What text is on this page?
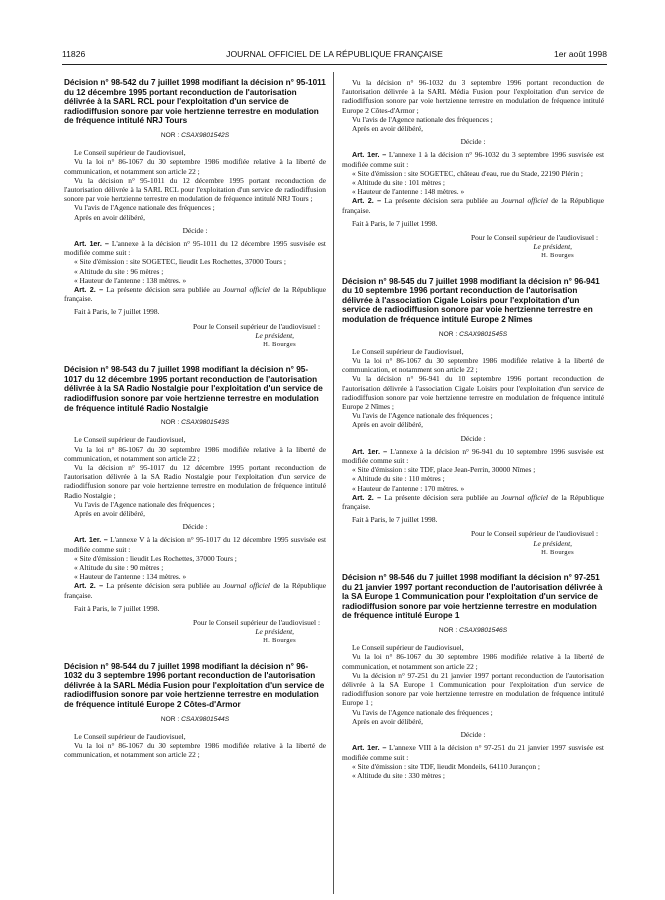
11826	JOURNAL OFFICIEL DE LA RÉPUBLIQUE FRANÇAISE	1er août 1998
Décision n° 98-542 du 7 juillet 1998 modifiant la décision n° 95-1011 du 12 décembre 1995 portant reconduction de l'autorisation délivrée à la SARL RCL pour l'exploitation d'un service de radiodiffusion sonore par voie hertzienne terrestre en modulation de fréquence intitulé NRJ Tours
NOR : CSAX9801542S

Le Conseil supérieur de l'audiovisuel,

Vu la loi n° 86-1067 du 30 septembre 1986 modifiée relative à la liberté de communication, et notamment son article 22 ;

Vu la décision n° 95-1011 du 12 décembre 1995 portant reconduction de l'autorisation délivrée à la SARL RCL pour l'exploitation d'un service de radiodiffusion sonore par voie hertzienne terrestre en modulation de fréquence intitulé NRJ Tours ;

Vu l'avis de l'Agence nationale des fréquences ;

Après en avoir délibéré,

Décide :

Art. 1er. – L'annexe à la décision n° 95-1011 du 12 décembre 1995 susvisée est modifiée comme suit :

« Site d'émission : site SOGETEC, lieudit Les Rochettes, 37000 Tours ;

« Altitude du site : 96 mètres ;

« Hauteur de l'antenne : 138 mètres. »

Art. 2. – La présente décision sera publiée au Journal officiel de la République française.

Fait à Paris, le 7 juillet 1998.

Pour le Conseil supérieur de l'audiovisuel :
Le président,
H. Bourges
Décision n° 98-543 du 7 juillet 1998 modifiant la décision n° 95-1017 du 12 décembre 1995 portant reconduction de l'autorisation délivrée à la SA Radio Nostalgie pour l'exploitation d'un service de radiodiffusion sonore par voie hertzienne terrestre en modulation de fréquence intitulé Radio Nostalgie
NOR : CSAX9801543S

Le Conseil supérieur de l'audiovisuel,

Vu la loi n° 86-1067 du 30 septembre 1986 modifiée relative à la liberté de communication, et notamment son article 22 ;

Vu la décision n° 95-1017 du 12 décembre 1995 portant reconduction de l'autorisation délivrée à la SA Radio Nostalgie pour l'exploitation d'un service de radiodiffusion sonore par voie hertzienne terrestre en modulation de fréquence intitulé Radio Nostalgie ;

Vu l'avis de l'Agence nationale des fréquences ;

Après en avoir délibéré,

Décide :

Art. 1er. – L'annexe V à la décision n° 95-1017 du 12 décembre 1995 susvisée est modifiée comme suit :

« Site d'émission : lieudit Les Rochettes, 37000 Tours ;

« Altitude du site : 90 mètres ;

« Hauteur de l'antenne : 134 mètres. »

Art. 2. – La présente décision sera publiée au Journal officiel de la République française.

Fait à Paris, le 7 juillet 1998.

Pour le Conseil supérieur de l'audiovisuel :
Le président,
H. Bourges
Décision n° 98-544 du 7 juillet 1998 modifiant la décision n° 96-1032 du 3 septembre 1996 portant reconduction de l'autorisation délivrée à la SARL Média Fusion pour l'exploitation d'un service de radiodiffusion sonore par voie hertzienne terrestre en modulation de fréquence intitulé Europe 2 Côtes-d'Armor
NOR : CSAX9801544S

Le Conseil supérieur de l'audiovisuel,

Vu la loi n° 86-1067 du 30 septembre 1986 modifiée relative à la liberté de communication, et notamment son article 22 ;

Vu la décision n° 96-1032 du 3 septembre 1996 portant reconduction de l'autorisation délivrée à la SARL Média Fusion pour l'exploitation d'un service de radiodiffusion sonore par voie hertzienne terrestre en modulation de fréquence intitulé Europe 2 Côtes-d'Armor ;

Vu l'avis de l'Agence nationale des fréquences ;

Après en avoir délibéré,

Décide :

Art. 1er. – L'annexe 1 à la décision n° 96-1032 du 3 septembre 1996 susvisée est modifiée comme suit :

« Site d'émission : site SOGETEC, château d'eau, rue du Stade, 22190 Plérin ;

« Altitude du site : 101 mètres ;

« Hauteur de l'antenne : 148 mètres. »

Art. 2. – La présente décision sera publiée au Journal officiel de la République française.

Fait à Paris, le 7 juillet 1998.

Pour le Conseil supérieur de l'audiovisuel :
Le président,
H. Bourges
Décision n° 98-545 du 7 juillet 1998 modifiant la décision n° 96-941 du 10 septembre 1996 portant reconduction de l'autorisation délivrée à l'association Cigale Loisirs pour l'exploitation d'un service de radiodiffusion sonore par voie hertzienne terrestre en modulation de fréquence intitulé Europe 2 Nîmes
NOR : CSAX9801545S

Le Conseil supérieur de l'audiovisuel,

Vu la loi n° 86-1067 du 30 septembre 1986 modifiée relative à la liberté de communication, et notamment son article 22 ;

Vu la décision n° 96-941 du 10 septembre 1996 portant reconduction de l'autorisation délivrée à l'association Cigale Loisirs pour l'exploitation d'un service de radiodiffusion sonore par voie hertzienne terrestre en modulation de fréquence intitulé Europe 2 Nîmes ;

Vu l'avis de l'Agence nationale des fréquences ;

Après en avoir délibéré,

Décide :

Art. 1er. – L'annexe à la décision n° 96-941 du 10 septembre 1996 susvisée est modifiée comme suit :

« Site d'émission : site TDF, place Jean-Perrin, 30000 Nîmes ;

« Altitude du site : 110 mètres ;

« Hauteur de l'antenne : 170 mètres. »

Art. 2. – La présente décision sera publiée au Journal officiel de la République française.

Fait à Paris, le 7 juillet 1998.

Pour le Conseil supérieur de l'audiovisuel :
Le président,
H. Bourges
Décision n° 98-546 du 7 juillet 1998 modifiant la décision n° 97-251 du 21 janvier 1997 portant reconduction de l'autorisation délivrée à la SA Europe 1 Communication pour l'exploitation d'un service de radiodiffusion sonore par voie hertzienne terrestre en modulation de fréquence intitulé Europe 1
NOR : CSAX9801546S

Le Conseil supérieur de l'audiovisuel,

Vu la loi n° 86-1067 du 30 septembre 1986 modifiée relative à la liberté de communication, et notamment son article 22 ;

Vu la décision n° 97-251 du 21 janvier 1997 portant reconduction de l'autorisation délivrée à la SA Europe 1 Communication pour l'exploitation d'un service de radiodiffusion sonore par voie hertzienne terrestre en modulation de fréquence intitulé Europe 1 ;

Vu l'avis de l'Agence nationale des fréquences ;

Après en avoir délibéré,

Décide :

Art. 1er. – L'annexe VIII à la décision n° 97-251 du 21 janvier 1997 susvisée est modifiée comme suit :

« Site d'émission : site TDF, lieudit Mondeils, 64110 Jurançon ;

« Altitude du site : 330 mètres ;
